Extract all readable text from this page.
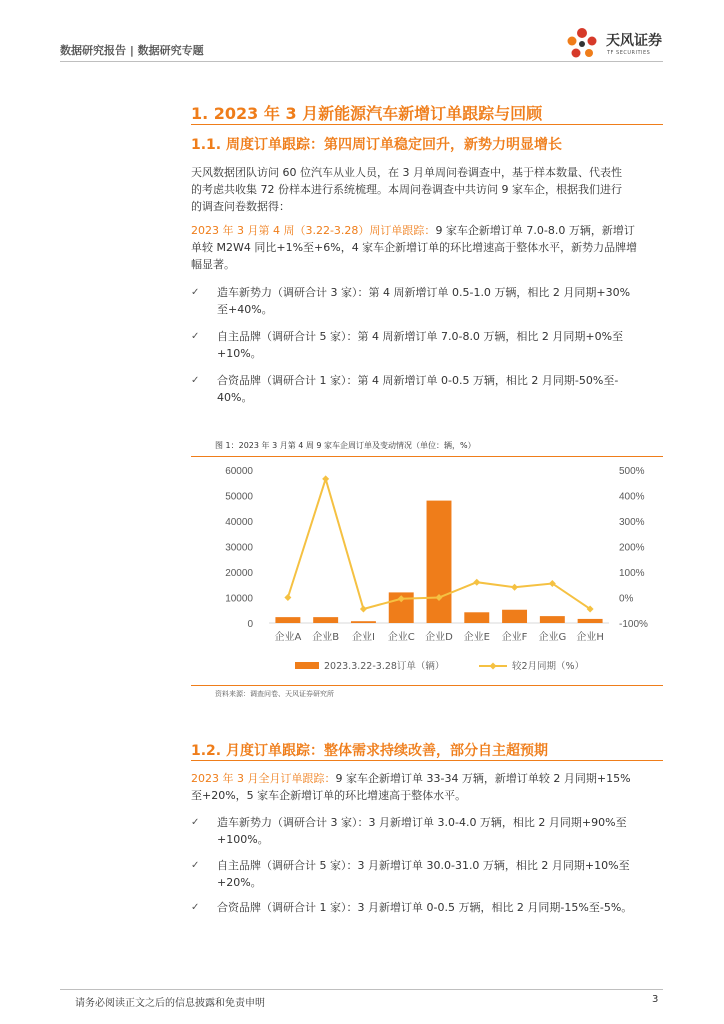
数据研究报告 | 数据研究专题
天风证券
TF SECURITIES
1. 2023 年 3 月新能源汽车新增订单跟踪与回顾
1.1. 周度订单跟踪：第四周订单稳定回升，新势力明显增长
天风数据团队访问 60 位汽车从业人员，在 3 月单周问卷调查中，基于样本数量、代表性
的考虑共收集 72 份样本进行系统梳理。本周问卷调查中共访问 9 家车企，根据我们进行
的调查问卷数据得：
2023 年 3 月第 4 周（3.22-3.28）周订单跟踪：9 家车企新增订单 7.0-8.0 万辆，新增订
单较 M2W4 同比+1%至+6%，4 家车企新增订单的环比增速高于整体水平，新势力品牌增
幅显著。
✓	造车新势力（调研合计 3 家）：第 4 周新增订单 0.5-1.0 万辆，相比 2 月同期+30%
至+40%。
✓	自主品牌（调研合计 5 家）：第 4 周新增订单 7.0-8.0 万辆，相比 2 月同期+0%至
+10%。
✓	合资品牌（调研合计 1 家）：第 4 周新增订单 0-0.5 万辆，相比 2 月同期-50%至-
40%。
图 1：2023 年 3 月第 4 周 9 家车企周订单及变动情况（单位：辆，%）
0
10000
20000
30000
40000
50000
60000
-100%
0%
100%
200%
300%
400%
500%
企业A 企业B 企业I 企业C 企业D 企业E 企业F 企业G 企业H
2023.3.22-3.28订单（辆）	较2月同期（%）
资料来源：调查问卷、天风证券研究所
1.2. 月度订单跟踪：整体需求持续改善，部分自主超预期
2023 年 3 月全月订单跟踪：9 家车企新增订单 33-34 万辆，新增订单较 2 月同期+15%
至+20%，5 家车企新增订单的环比增速高于整体水平。
✓	造车新势力（调研合计 3 家）：3 月新增订单 3.0-4.0 万辆，相比 2 月同期+90%至
+100%。
✓	自主品牌（调研合计 5 家）：3 月新增订单 30.0-31.0 万辆，相比 2 月同期+10%至
+20%。
✓	合资品牌（调研合计 1 家）：3 月新增订单 0-0.5 万辆，相比 2 月同期-15%至-5%。
请务必阅读正文之后的信息披露和免责申明	3
